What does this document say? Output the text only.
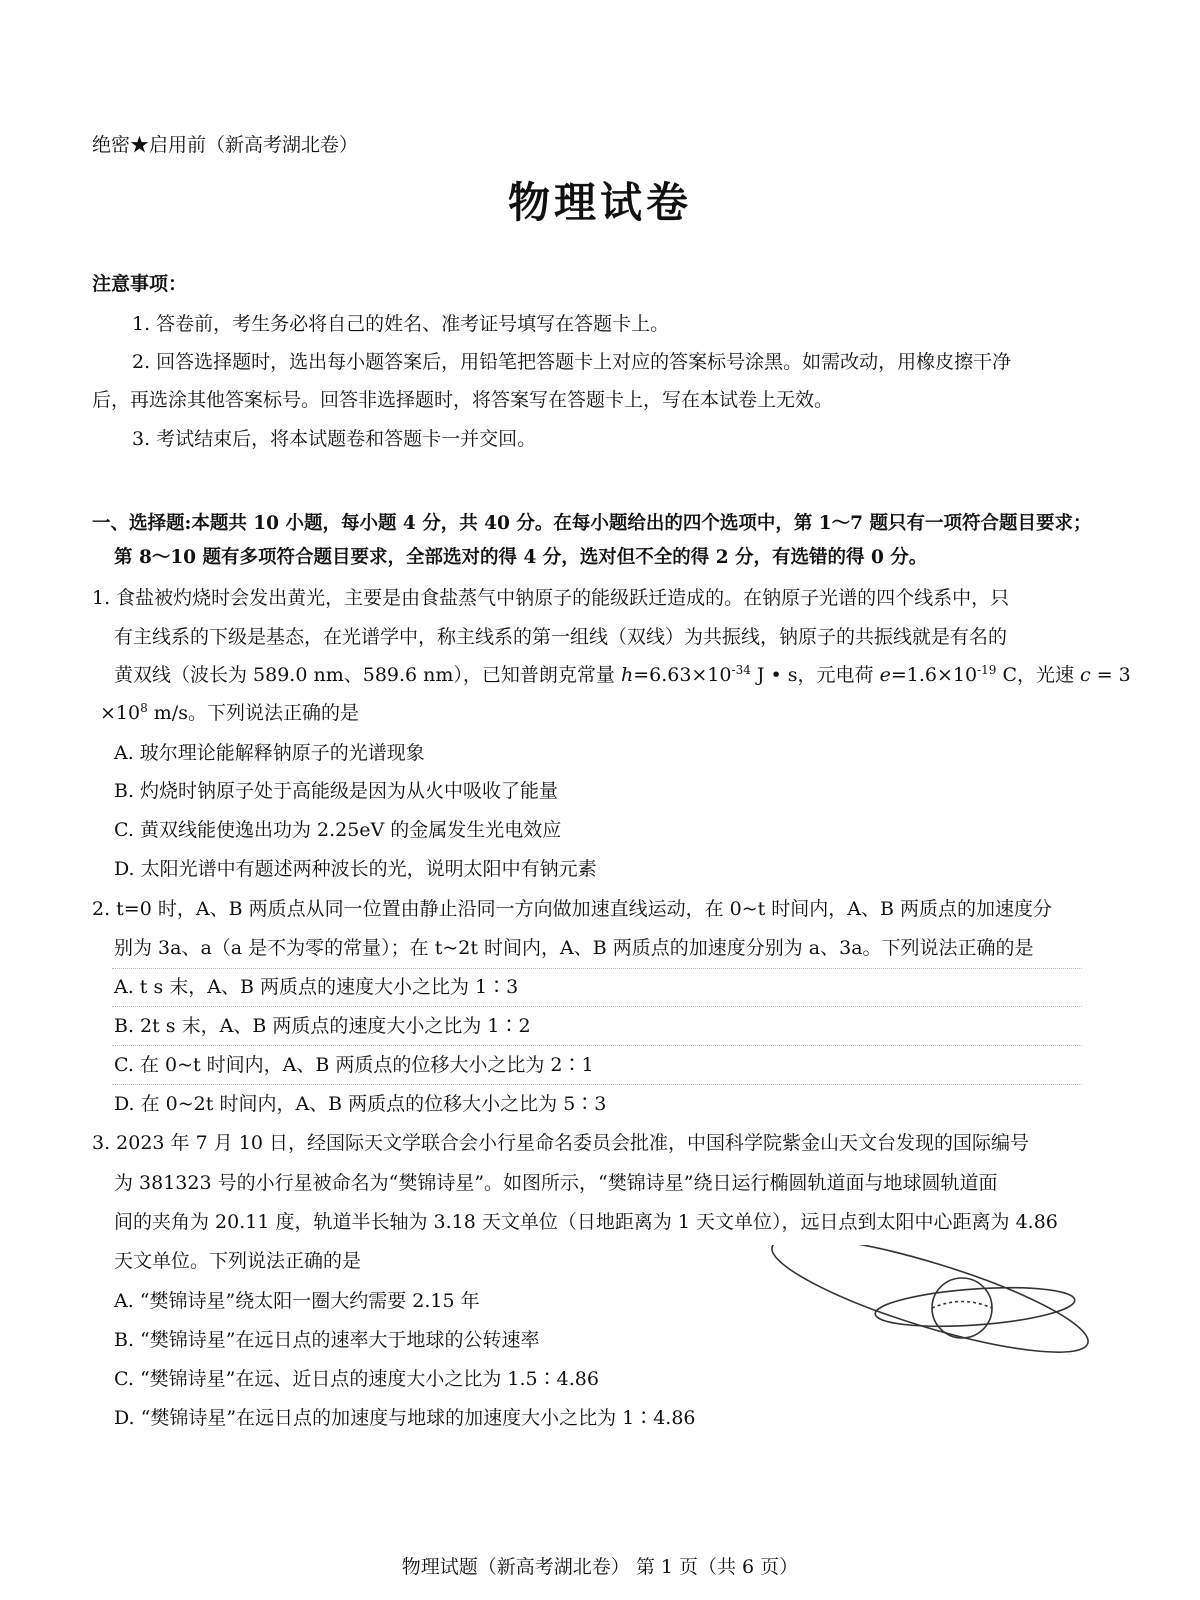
绝密★启用前（新高考湖北卷）
物理试卷
注意事项：
1. 答卷前，考生务必将自己的姓名、准考证号填写在答题卡上。
2. 回答选择题时，选出每小题答案后，用铅笔把答题卡上对应的答案标号涂黑。如需改动，用橡皮擦干净
后，再选涂其他答案标号。回答非选择题时，将答案写在答题卡上，写在本试卷上无效。
3. 考试结束后，将本试题卷和答题卡一并交回。
一、选择题:本题共 10 小题，每小题 4 分，共 40 分。在每小题给出的四个选项中，第 1～7 题只有一项符合题目要求；
第 8～10 题有多项符合题目要求，全部选对的得 4 分，选对但不全的得 2 分，有选错的得 0 分。
1. 食盐被灼烧时会发出黄光，主要是由食盐蒸气中钠原子的能级跃迁造成的。在钠原子光谱的四个线系中，只
有主线系的下级是基态，在光谱学中，称主线系的第一组线（双线）为共振线，钠原子的共振线就是有名的
黄双线（波长为 589.0 nm、589.6 nm），已知普朗克常量 $h=6.63\times 10^{-34}$ J • s，元电荷 $e=1.6\times 10^{-19}$ C，光速 c = 3
$\times 10^8$ m/s。下列说法正确的是
A. 玻尔理论能解释钠原子的光谱现象
B. 灼烧时钠原子处于高能级是因为从火中吸收了能量
C. 黄双线能使逸出功为 2.25eV 的金属发生光电效应
D. 太阳光谱中有题述两种波长的光，说明太阳中有钠元素
2. t=0 时，A、B 两质点从同一位置由静止沿同一方向做加速直线运动，在 0~t 时间内，A、B 两质点的加速度分
别为 3a、a（a 是不为零的常量）；在 t~2t 时间内，A、B 两质点的加速度分别为 a、3a。下列说法正确的是
A. t s 末，A、B 两质点的速度大小之比为 1∶3
B. 2t s 末，A、B 两质点的速度大小之比为 1∶2
C. 在 0~t 时间内，A、B 两质点的位移大小之比为 2∶1
D. 在 0~2t 时间内，A、B 两质点的位移大小之比为 5∶3
3. 2023 年 7 月 10 日，经国际天文学联合会小行星命名委员会批准，中国科学院紫金山天文台发现的国际编号
为 381323 号的小行星被命名为“樊锦诗星”。如图所示，“樊锦诗星”绕日运行椭圆轨道面与地球圆轨道面
间的夹角为 20.11 度，轨道半长轴为 3.18 天文单位（日地距离为 1 天文单位），远日点到太阳中心距离为 4.86
天文单位。下列说法正确的是
A. “樊锦诗星”绕太阳一圈大约需要 2.15 年
B. “樊锦诗星”在远日点的速率大于地球的公转速率
C. “樊锦诗星”在远、近日点的速度大小之比为 1.5∶4.86
D. “樊锦诗星”在远日点的加速度与地球的加速度大小之比为 1∶4.86
物理试题（新高考湖北卷） 第 1 页（共 6 页）
